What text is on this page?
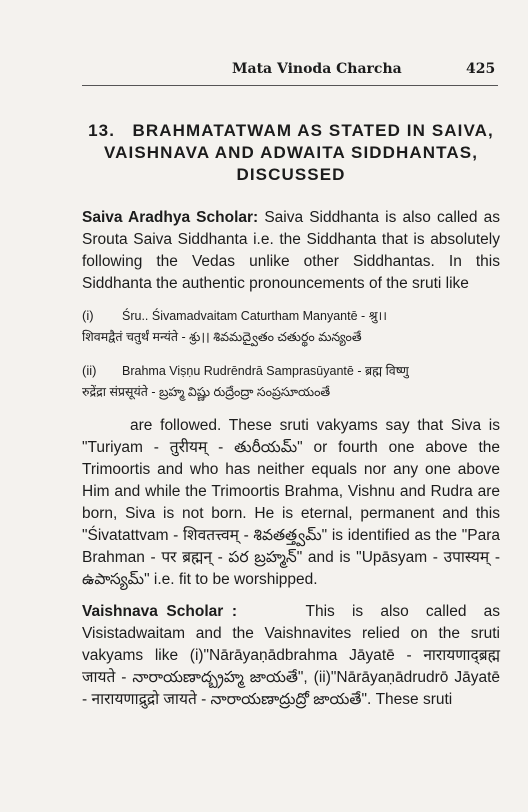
Mata Vinoda Charcha	425
13.   BRAHMATATWAM AS STATED IN SAIVA,
VAISHNAVA AND ADWAITA SIDDHANTAS,
DISCUSSED

Saiva Aradhya Scholar: Saiva Siddhanta is also called as Srouta Saiva Siddhanta i.e. the Siddhanta that is absolutely following the Vedas unlike other Siddhantas. In this Siddhanta the authentic pronouncements of the sruti like

(i) Śru.. Śivamadvaitam Caturtham Manyantē - श्रु।।
शिवमद्वैतं चतुर्थं मन्यंते - శ్రు।। శివమద్వైతం చతుర్థం మన్యంతే
(ii) Brahma Viṣṇu Rudrēndrā Samprasūyantē - ब्रह्म विष्णु
रुद्रेंद्रा संप्रसूयंते - బ్రహ్మ విష్ణు రుద్రేంద్రా సంప్రసూయంతే

are followed. These sruti vakyams say that Siva is "Turiyam - तुरीयम् - తురీయమ్" or fourth one above the Trimoortis and who has neither equals nor any one above Him and while the Trimoortis Brahma, Vishnu and Rudra are born, Siva is not born. He is eternal, permanent and this "Śivatattvam - शिवतत्त्वम् - శివతత్త్వమ్" is identified as the "Para Brahman - पर ब्रह्मन् - పర బ్రహ్మన్" and is "Upāsyam - उपास्यम् - ఉపాస్యమ్" i.e. fit to be worshipped.

Vaishnava Scholar :        This  is  also  called  as Visistadwaitam and the Vaishnavites relied on the sruti vakyams like (i)"Nārāyaṇādbrahma Jāyatē - नारायणाद्ब्रह्म जायते - నారాయణాద్బ్రహ్మ జాయతే", (ii)"Nārāyaṇādrudrō Jāyatē - नारायणाद्रुद्रो जायते - నారాయణాద్రుద్రో జాయతే". These sruti
